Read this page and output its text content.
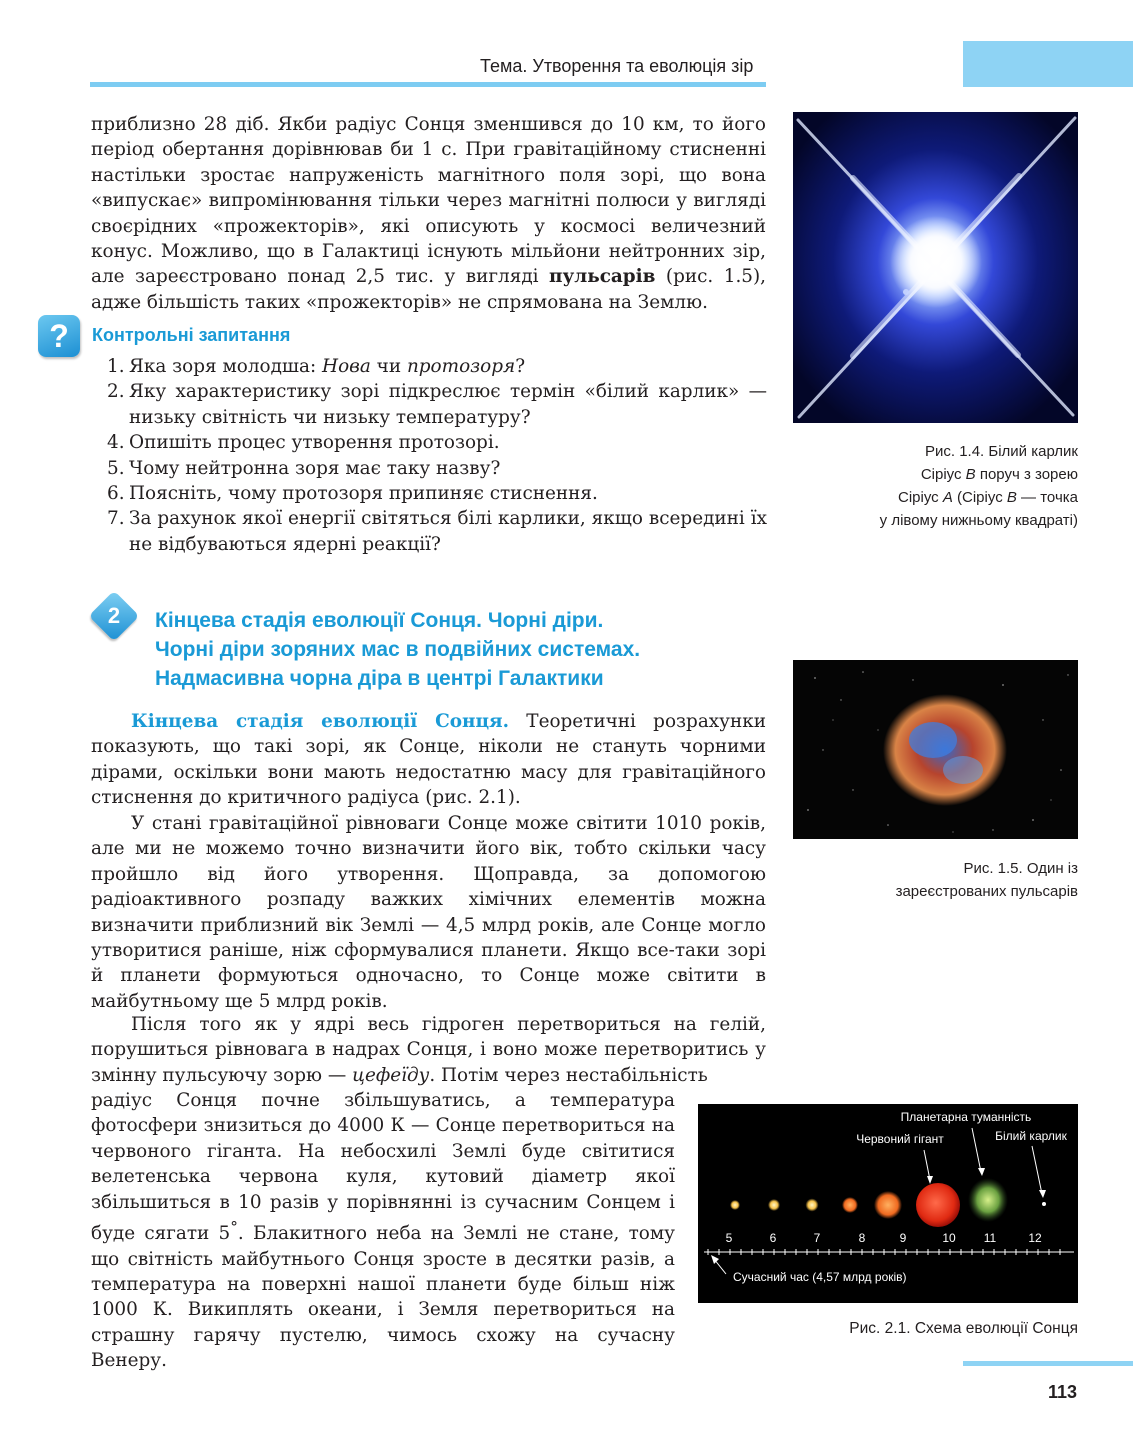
Тема. Утворення та еволюція зір

приблизно 28 діб. Якби радіус Сонця зменшився до 10 км, то його період обертання дорівнював би 1 с. При гравітаційному стисненні настільки зростає напруженість магнітного поля зорі, що вона «випускає» випромінювання тільки через магнітні полюси у вигляді своєрідних «прожекторів», які описують у космосі величезний конус. Можливо, що в Галактиці існують мільйони нейтронних зір, але зареєстровано понад 2,5 тис. у вигляді пульсарів (рис. 1.5), адже більшість таких «прожекторів» не спрямована на Землю.

?	Контрольні запитання
1. Яка зоря молодша: Нова чи протозоря?
2. Яку характеристику зорі підкреслює термін «білий карлик» — низьку світність чи низьку температуру?
4. Опишіть процес утворення протозорі.
5. Чому нейтронна зоря має таку назву?
6. Поясніть, чому протозоря припиняє стиснення.
7. За рахунок якої енергії світяться білі карлики, якщо всередині їх не відбуваються ядерні реакції?
2	Кінцева стадія еволюції Сонця. Чорні діри.
Чорні діри зоряних мас в подвійних системах.
Надмасивна чорна діра в центрі Галактики

Кінцева стадія еволюції Сонця. Теоретичні розрахунки показують, що такі зорі, як Сонце, ніколи не стануть чорними дірами, оскільки вони мають недостатню масу для гравітаційного стиснення до критичного радіуса (рис. 2.1).

У стані гравітаційної рівноваги Сонце може світити 1010 років, але ми не можемо точно визначити його вік, тобто скільки часу пройшло від його утворення. Щоправда, за допомогою радіоактивного розпаду важких хімічних елементів можна визначити приблизний вік Землі — 4,5 млрд років, але Сонце могло утворитися раніше, ніж сформувалися планети. Якщо все-таки зорі й планети формуються одночасно, то Сонце може світити в майбутньому ще 5 млрд років.

Після того як у ядрі весь гідроген перетвориться на гелій, порушиться рівновага в надрах Сонця, і воно може перетворитись у змінну пульсуючу зорю — цефеїду. Потім через нестабільність

радіус Сонця почне збільшуватись, а температура фотосфери знизиться до 4000 К — Сонце перетвориться на червоного гіганта. На небосхилі Землі буде світитися велетенська червона куля, кутовий діаметр якої збільшиться в 10 разів у порівнянні із сучасним Сонцем і буде сягати 5°. Блакитного неба на Землі не стане, тому що світність майбутнього Сонця зросте в десятки разів, а температура на поверхні нашої планети буде більш ніж 1000 К. Википлять океани, і Земля перетвориться на страшну гарячу пустелю, чимось схожу на сучасну Венеру.

Рис. 1.4. Білий карлик
Сіріус В поруч з зорею
Сіріус А (Сіріус В — точка
у лівому нижньому квадраті)
Рис. 1.5. Один із
зареєстрованих пульсарів
Планетарна туманність
Червоний гігант	Білий карлик
5	6	7	8	9	10 11	12
Сучасний час (4,57 млрд років)
Рис. 2.1. Схема еволюції Сонця
113
